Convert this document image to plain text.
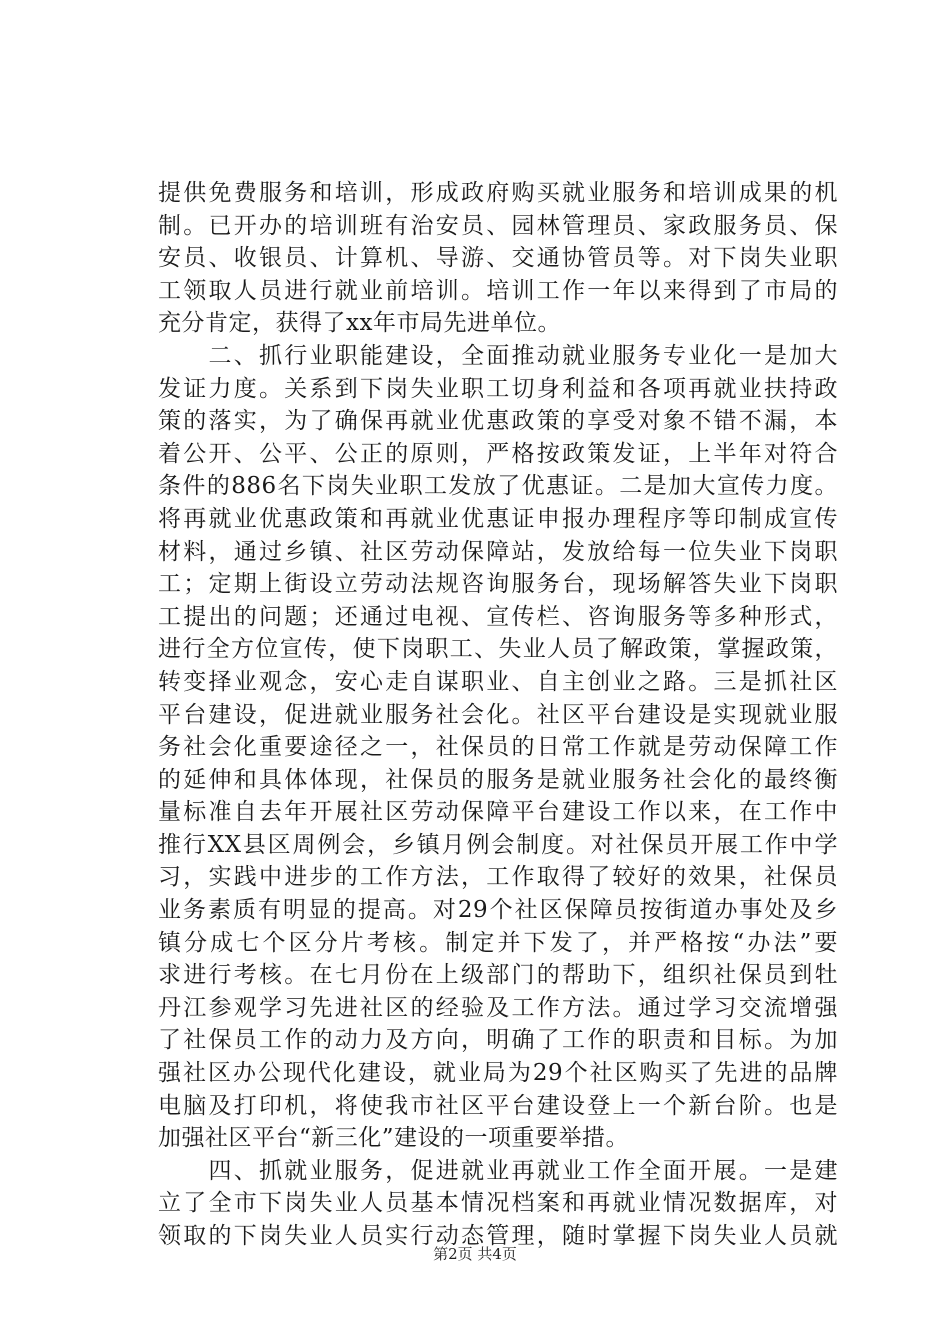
提供免费服务和培训，形成政府购买就业服务和培训成果的机
制。已开办的培训班有治安员、园林管理员、家政服务员、保
安员、收银员、计算机、导游、交通协管员等。对下岗失业职
工领取人员进行就业前培训。培训工作一年以来得到了市局的
充分肯定，获得了xx年市局先进单位。
　　二、抓行业职能建设，全面推动就业服务专业化一是加大
发证力度。关系到下岗失业职工切身利益和各项再就业扶持政
策的落实，为了确保再就业优惠政策的享受对象不错不漏，本
着公开、公平、公正的原则，严格按政策发证，上半年对符合
条件的886名下岗失业职工发放了优惠证。二是加大宣传力度。
将再就业优惠政策和再就业优惠证申报办理程序等印制成宣传
材料，通过乡镇、社区劳动保障站，发放给每一位失业下岗职
工；定期上街设立劳动法规咨询服务台，现场解答失业下岗职
工提出的问题；还通过电视、宣传栏、咨询服务等多种形式，
进行全方位宣传，使下岗职工、失业人员了解政策，掌握政策，
转变择业观念，安心走自谋职业、自主创业之路。三是抓社区
平台建设，促进就业服务社会化。社区平台建设是实现就业服
务社会化重要途径之一，社保员的日常工作就是劳动保障工作
的延伸和具体体现，社保员的服务是就业服务社会化的最终衡
量标准自去年开展社区劳动保障平台建设工作以来，在工作中
推行XX县区周例会，乡镇月例会制度。对社保员开展工作中学
习，实践中进步的工作方法，工作取得了较好的效果，社保员
业务素质有明显的提高。对29个社区保障员按街道办事处及乡
镇分成七个区分片考核。制定并下发了，并严格按“办法”要
求进行考核。在七月份在上级部门的帮助下，组织社保员到牡
丹江参观学习先进社区的经验及工作方法。通过学习交流增强
了社保员工作的动力及方向，明确了工作的职责和目标。为加
强社区办公现代化建设，就业局为29个社区购买了先进的品牌
电脑及打印机，将使我市社区平台建设登上一个新台阶。也是
加强社区平台“新三化”建设的一项重要举措。
　　四、抓就业服务，促进就业再就业工作全面开展。一是建
立了全市下岗失业人员基本情况档案和再就业情况数据库，对
领取的下岗失业人员实行动态管理，随时掌握下岗失业人员就
第2页 共4页
